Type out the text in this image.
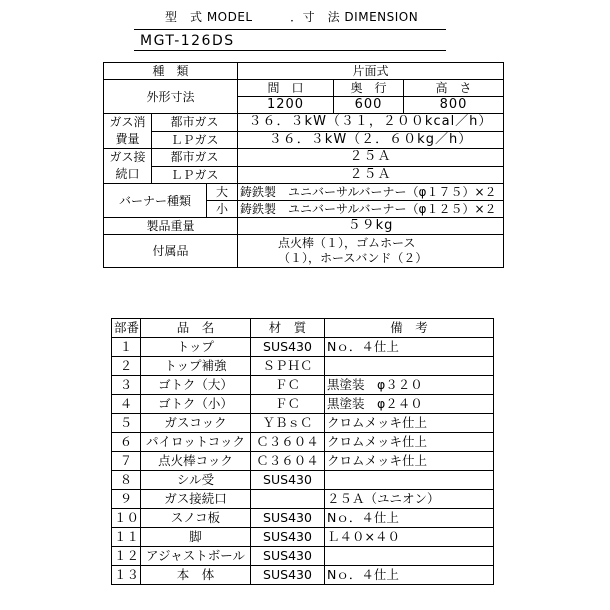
型　式 MODEL　　　．寸　法 DIMENSION
MGT-126DS
種　類			片面式		
外形寸法			間　口	奥　行	高　さ
			1200	600	800
ガス消費量	都市ガス		３６．３kW（３１，２００kcal／h）		
	ＬＰガス		３６．３kW（２．６０kg／h）		
ガス接続口	都市ガス		２５Ａ		
	ＬＰガス		２５Ａ		
バーナー種類		大	鋳鉄製　ユニバーサルバーナー（φ１７５）×２		
		小	鋳鉄製　ユニバーサルバーナー（φ１２５）×２		
製品重量			５９kg		
付属品			点火棒（１），ゴムホース（１），ホースバンド（２）		
部番	品　名	材　質	備　考
１	トップ	SUS430	Nｏ．４仕上
２	トップ補強	ＳＰＨＣ	
３	ゴトク（大）	ＦＣ	黒塗装　φ３２０
４	ゴトク（小）	ＦＣ	黒塗装　φ２４０
５	ガスコック	ＹＢｓＣ	クロムメッキ仕上
６	パイロットコック	Ｃ３６０４	クロムメッキ仕上
７	点火棒コック	Ｃ３６０４	クロムメッキ仕上
８	シル受	SUS430	
９	ガス接続口		２５Ａ（ユニオン）
１０	スノコ板	SUS430	Nｏ．４仕上
１１	脚	SUS430	Ｌ４０×４０
１２	アジャストボール	SUS430	
１３	本　体	SUS430	Nｏ．４仕上
